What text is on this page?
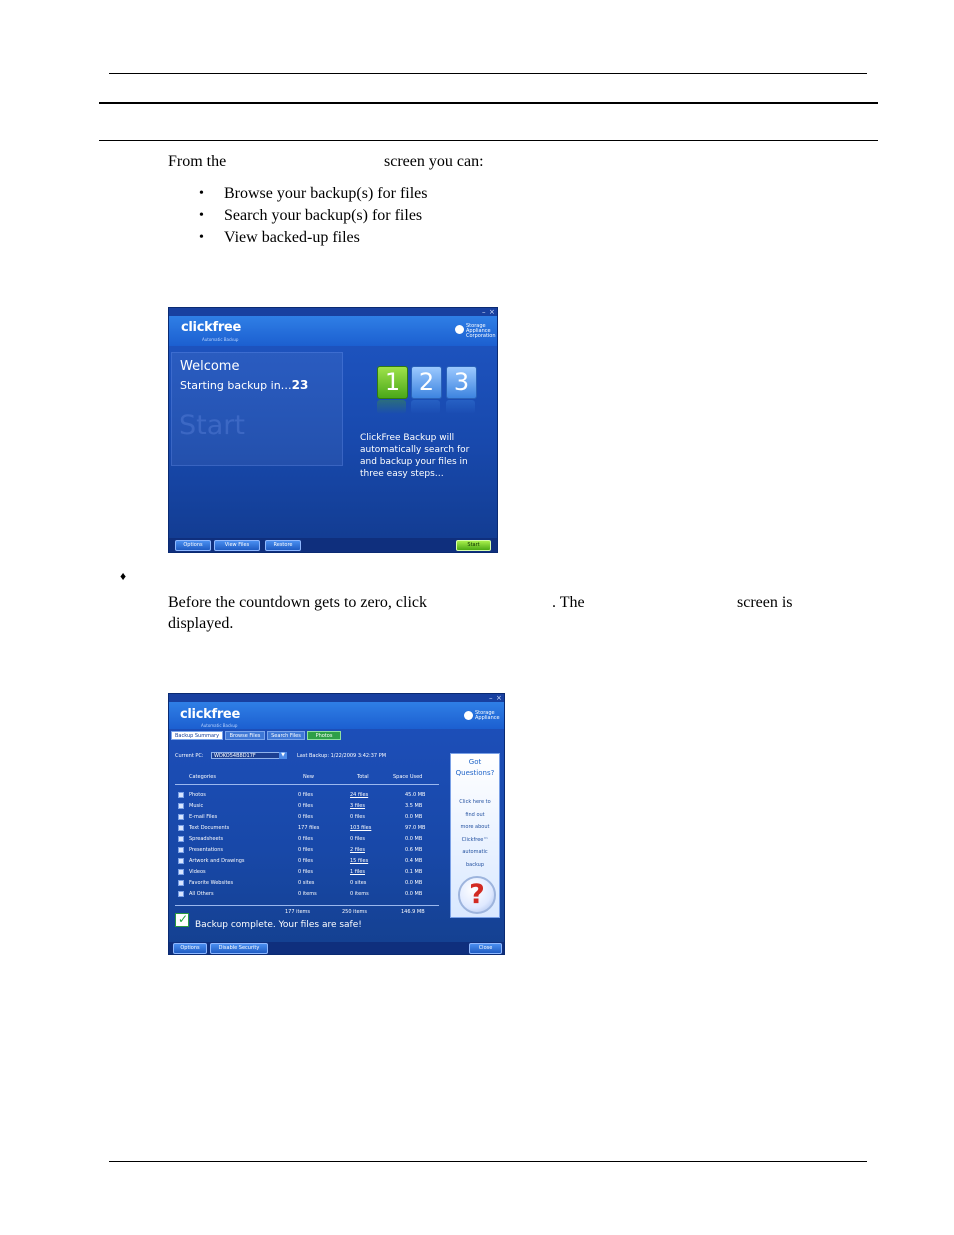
From the	screen you can:
• Browse your backup(s) for files
• Search your backup(s) for files
• View backed-up files
– ×
clickfree
Automatic Backup
Storage
Appliance
Corporation
Welcome
Starting backup in…23
Start
1 2 3
ClickFree Backup will
automatically search for
and backup your files in
three easy steps…
Options	View Files	Restore	Start
♦
Before the countdown gets to zero, click	. The	screen is
displayed.
– ×
clickfree
Automatic Backup
Storage
Appliance
Backup Summary	Browse Files	Search Files	Photos
Current PC: WDKO54B8D17F	▼	Last Backup: 1/22/2009 3:42:37 PM
Categories	New	Total	Space Used
Photos	0 files	24 files	45.0 MB
Music	0 files	3 files	3.5 MB
E-mail Files	0 files	0 files	0.0 MB
Text Documents	177 files	103 files	97.0 MB
Spreadsheets	0 files	0 files	0.0 MB
Presentations	0 files	2 files	0.6 MB
Artwork and Drawings	0 files	15 files	0.4 MB
Videos	0 files	1 files	0.1 MB
Favorite Websites	0 sites	0 sites	0.0 MB
All Others	0 items	0 items	0.0 MB
177 items	250 items	146.9 MB
Got
Questions?
Click here to
find out
more about
Clickfree™
automatic
backup
?
✓ Backup complete. Your files are safe!
Options	Disable Security	Close
